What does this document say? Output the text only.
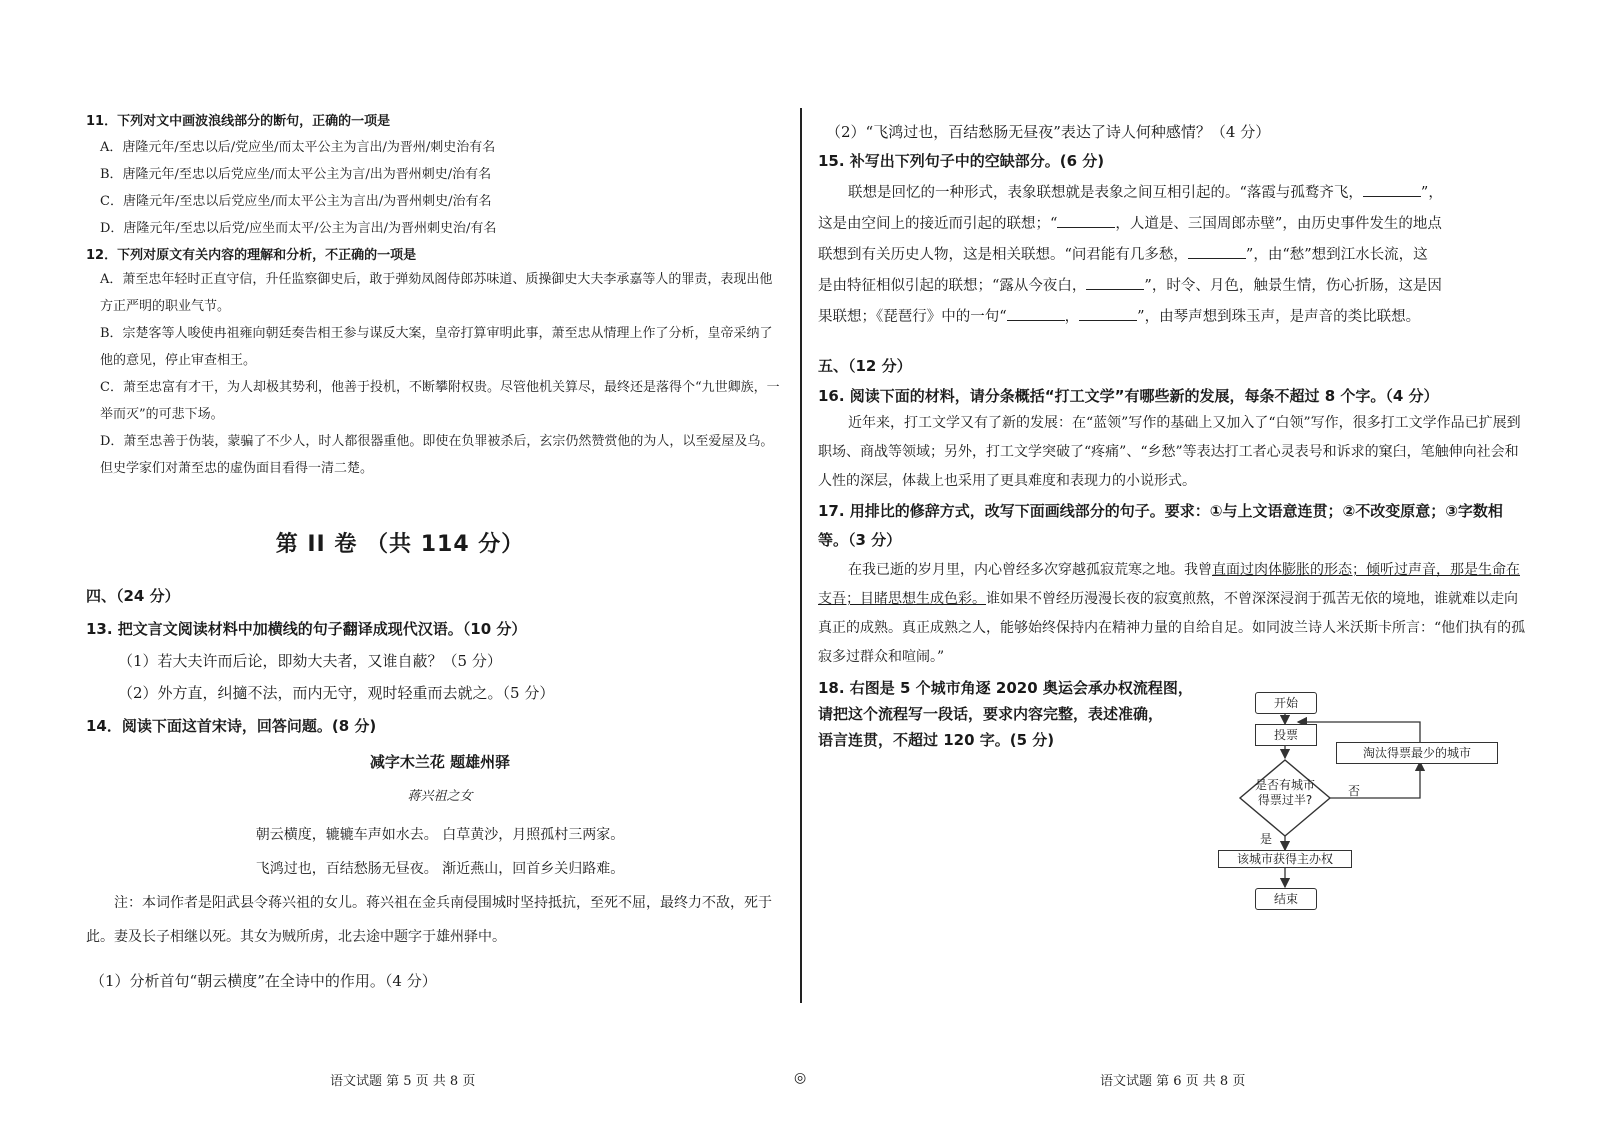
11．下列对文中画波浪线部分的断句，正确的一项是
A．唐隆元年/至忠以后/党应坐/而太平公主为言出/为晋州/刺史治有名
B．唐隆元年/至忠以后党应坐/而太平公主为言/出为晋州刺史/治有名
C．唐隆元年/至忠以后党应坐/而太平公主为言出/为晋州刺史/治有名
D．唐隆元年/至忠以后党/应坐而太平/公主为言出/为晋州刺史治/有名
12．下列对原文有关内容的理解和分析，不正确的一项是
A．萧至忠年轻时正直守信，升任监察御史后，敢于弹劾凤阁侍郎苏味道、质操御史大夫李承嘉等人的罪责，表现出他方正严明的职业气节。
B．宗楚客等人唆使冉祖雍向朝廷奏告相王参与谋反大案，皇帝打算审明此事，萧至忠从情理上作了分析，皇帝采纳了他的意见，停止审查相王。
C．萧至忠富有才干，为人却极其势利，他善于投机，不断攀附权贵。尽管他机关算尽，最终还是落得个“九世卿族，一举而灭”的可悲下场。
D．萧至忠善于伪装，蒙骗了不少人，时人都很器重他。即使在负罪被杀后，玄宗仍然赞赏他的为人，以至爱屋及乌。但史学家们对萧至忠的虚伪面目看得一清二楚。
第 II 卷 （共 114 分）
四、（24 分）
13. 把文言文阅读材料中加横线的句子翻译成现代汉语。（10 分）
（1）若大夫许而后论，即劾大夫者，又谁自蔽？（5 分）
（2）外方直，纠擿不法，而内无守，观时轻重而去就之。（5 分）
14．阅读下面这首宋诗，回答问题。(8 分)
减字木兰花 题雄州驿
蒋兴祖之女
朝云横度，辘辘车声如水去。 白草黄沙，月照孤村三两家。
飞鸿过也，百结愁肠无昼夜。 渐近燕山，回首乡关归路难。
注：本词作者是阳武县令蒋兴祖的女儿。蒋兴祖在金兵南侵围城时坚持抵抗，至死不屈，最终力不敌，死于此。妻及长子相继以死。其女为贼所虏，北去途中题字于雄州驿中。
（1）分析首句“朝云横度”在全诗中的作用。（4 分）
语文试题 第 5 页 共 8 页	◎
（2）“飞鸿过也，百结愁肠无昼夜”表达了诗人何种感情？（4 分）
15. 补写出下列句子中的空缺部分。(6 分)
联想是回忆的一种形式，表象联想就是表象之间互相引起的。“落霞与孤鹜齐飞，	”，
这是由空间上的接近而引起的联想；“	，人道是、三国周郎赤壁”，由历史事件发生的地点
联想到有关历史人物，这是相关联想。“问君能有几多愁，	”，由“愁”想到江水长流，这
是由特征相似引起的联想；“露从今夜白，	”，时令、月色，触景生情，伤心折肠，这是因
果联想；《琵琶行》中的一句“	，	”，由琴声想到珠玉声，是声音的类比联想。
五、（12 分）
16. 阅读下面的材料，请分条概括“打工文学”有哪些新的发展，每条不超过 8 个字。（4 分）
近年来，打工文学又有了新的发展：在“蓝领”写作的基础上又加入了“白领”写作，很多打工文学作品已扩展到职场、商战等领域；另外，打工文学突破了“疼痛”、“乡愁”等表达打工者心灵表号和诉求的窠臼，笔触伸向社会和人性的深层，体裁上也采用了更具难度和表现力的小说形式。
17. 用排比的修辞方式，改写下面画线部分的句子。要求：①与上文语意连贯；②不改变原意；③字数相等。（3 分）
在我已逝的岁月里，内心曾经多次穿越孤寂荒寒之地。我曾直面过肉体膨胀的形态；倾听过声音，那是生命在支吾；目睹思想生成色彩。谁如果不曾经历漫漫长夜的寂寞煎熬，不曾深深浸润于孤苦无依的境地，谁就难以走向真正的成熟。真正成熟之人，能够始终保持内在精神力量的自给自足。如同波兰诗人米沃斯卡所言：“他们执有的孤寂多过群众和喧闹。”
18. 右图是 5 个城市角逐 2020 奥运会承办权流程图，
请把这个流程写一段话，要求内容完整，表述准确，
语言连贯，不超过 120 字。(5 分)
开始
投票
是否有城市
得票过半?
淘汰得票最少的城市
否
是
该城市获得主办权
结束
语文试题 第 6 页 共 8 页
